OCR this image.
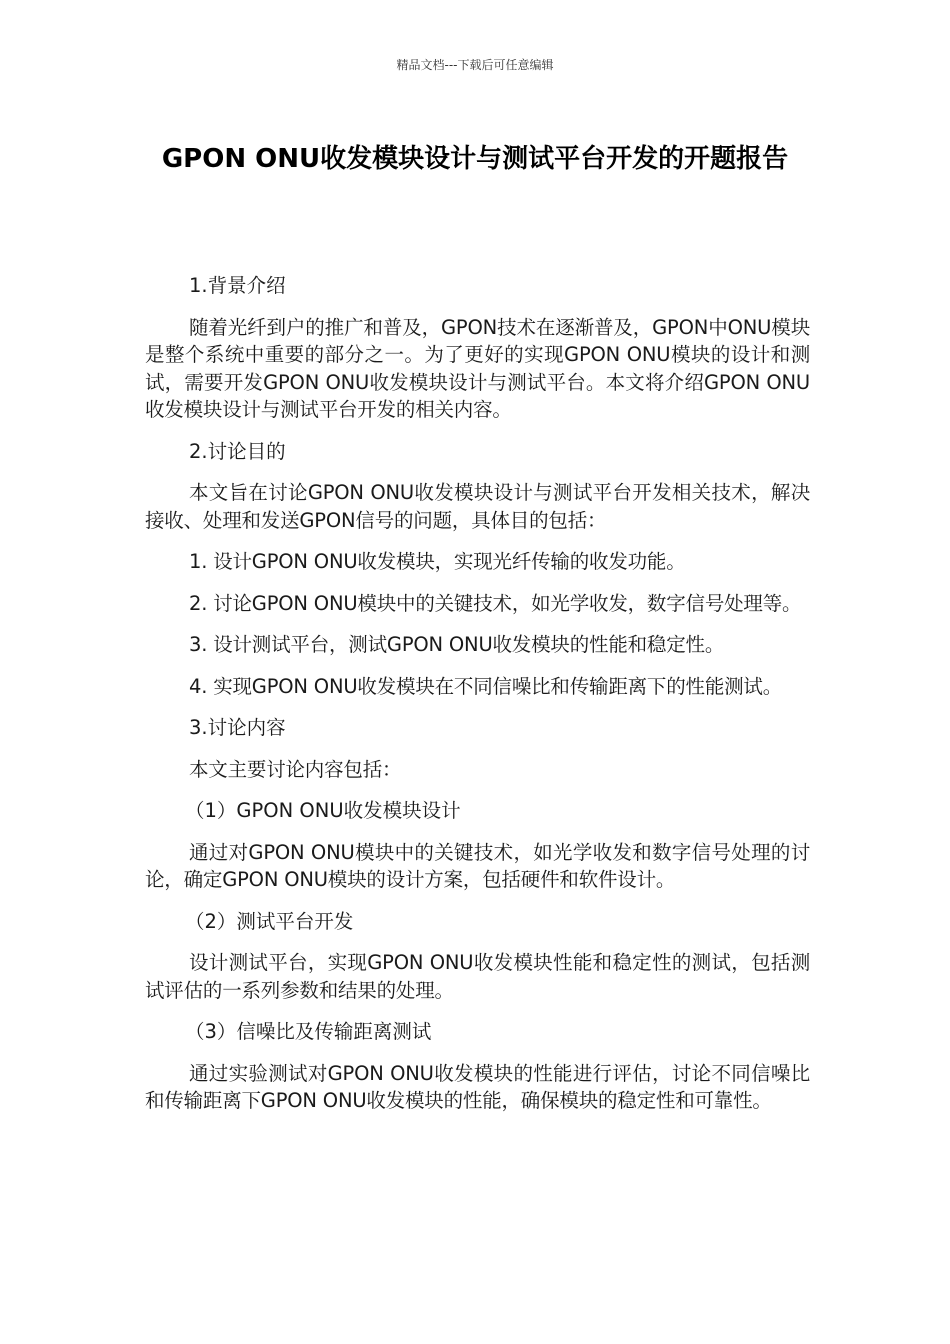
精品文档---下载后可任意编辑
GPON ONU收发模块设计与测试平台开发的开题报告

1.背景介绍

随着光纤到户的推广和普及，GPON技术在逐渐普及，GPON中ONU模块是整个系统中重要的部分之一。为了更好的实现GPON ONU模块的设计和测试，需要开发GPON ONU收发模块设计与测试平台。本文将介绍GPON ONU收发模块设计与测试平台开发的相关内容。

2.讨论目的

本文旨在讨论GPON ONU收发模块设计与测试平台开发相关技术，解决接收、处理和发送GPON信号的问题，具体目的包括：

1. 设计GPON ONU收发模块，实现光纤传输的收发功能。

2. 讨论GPON ONU模块中的关键技术，如光学收发，数字信号处理等。

3. 设计测试平台，测试GPON ONU收发模块的性能和稳定性。

4. 实现GPON ONU收发模块在不同信噪比和传输距离下的性能测试。

3.讨论内容

本文主要讨论内容包括：

（1）GPON ONU收发模块设计

通过对GPON ONU模块中的关键技术，如光学收发和数字信号处理的讨论，确定GPON ONU模块的设计方案，包括硬件和软件设计。

（2）测试平台开发

设计测试平台，实现GPON ONU收发模块性能和稳定性的测试，包括测试评估的一系列参数和结果的处理。

（3）信噪比及传输距离测试

通过实验测试对GPON ONU收发模块的性能进行评估，讨论不同信噪比和传输距离下GPON ONU收发模块的性能，确保模块的稳定性和可靠性。
